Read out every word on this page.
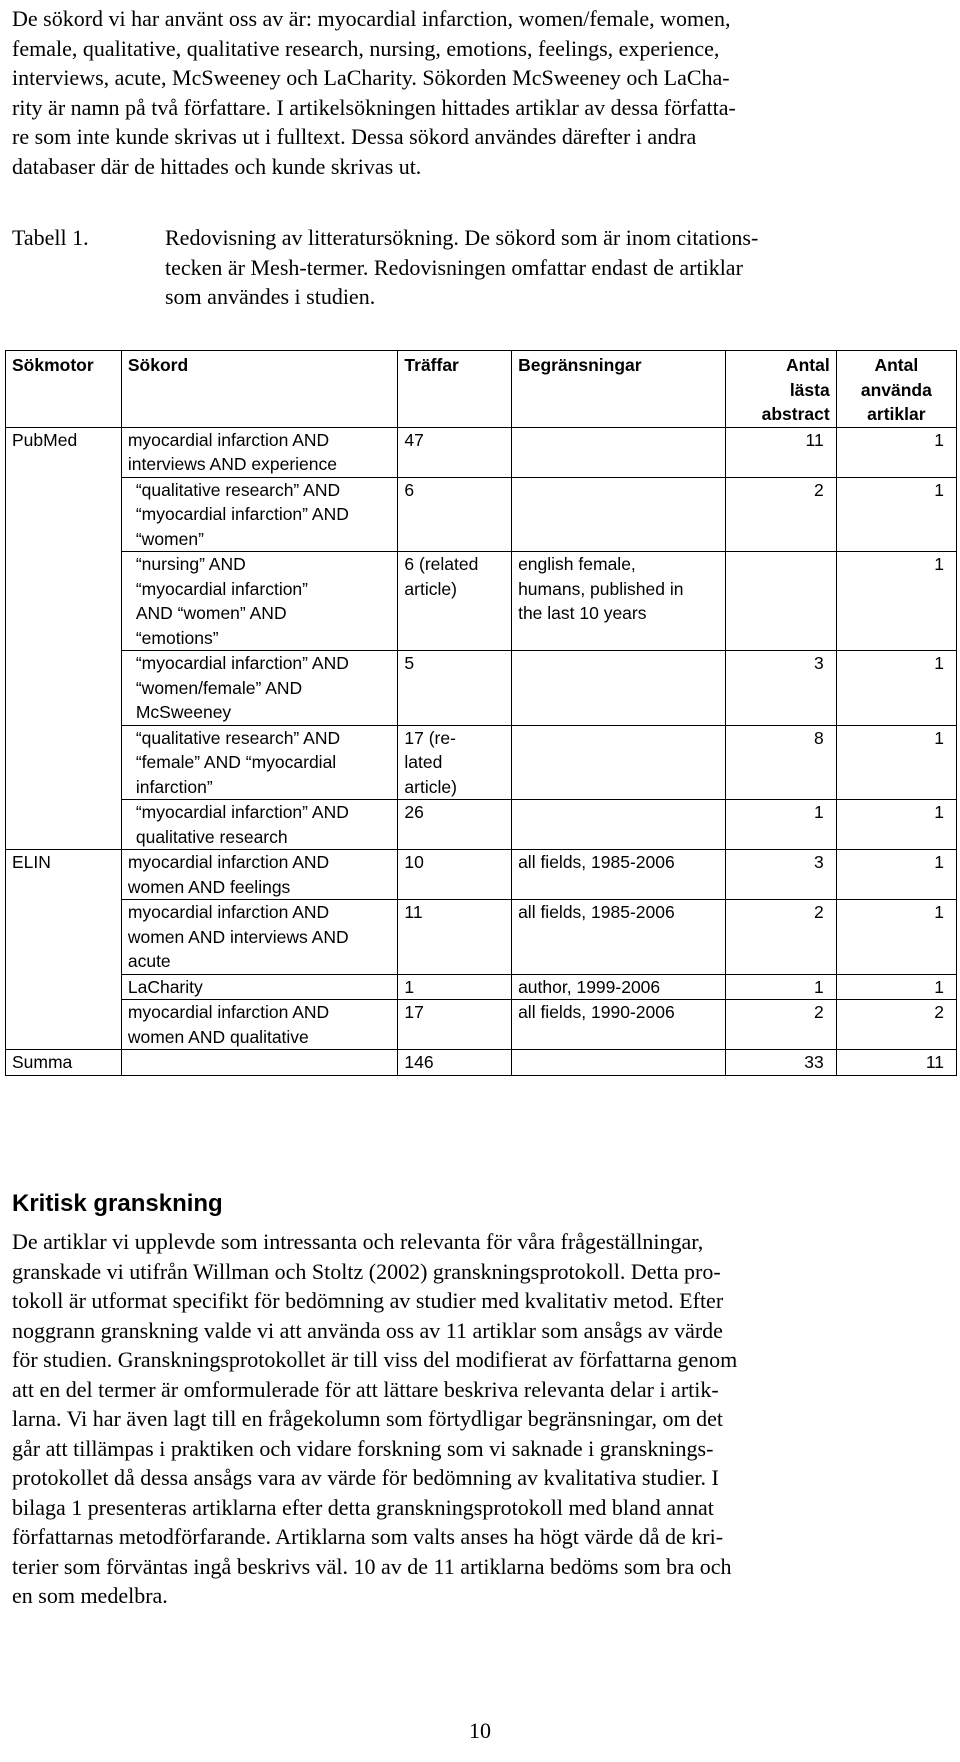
De sökord vi har använt oss av är: myocardial infarction, women/female, women,
female, qualitative, qualitative research, nursing, emotions, feelings, experience,
interviews, acute, McSweeney och LaCharity. Sökorden McSweeney och LaCha-
rity är namn på två författare. I artikelsökningen hittades artiklar av dessa författa-
re som inte kunde skrivas ut i fulltext. Dessa sökord användes därefter i andra
databaser där de hittades och kunde skrivas ut.
Tabell 1.	Redovisning av litteratursökning. De sökord som är inom citations-
tecken är Mesh-termer. Redovisningen omfattar endast de artiklar
som användes i studien.
Sökmotor	Sökord	Träffar	Begränsningar	Antal
lästa
abstract	Antal
använda
artiklar
PubMed	myocardial infarction AND
interviews AND experience	47		11	1
	“qualitative research” AND
“myocardial infarction” AND
“women”	6		2	1
	“nursing” AND
“myocardial infarction”
AND “women” AND
“emotions”	6 (related
article)	english female,
humans, published in
the last 10 years		1
	“myocardial infarction” AND
“women/female” AND
McSweeney	5		3	1
	“qualitative research” AND
“female” AND “myocardial
infarction”	17 (re-
lated
article)		8	1
	“myocardial infarction” AND
qualitative research	26		1	1
ELIN	myocardial infarction AND
women AND feelings	10	all fields, 1985-2006	3	1
	myocardial infarction AND
women AND interviews AND
acute	11	all fields, 1985-2006	2	1
	LaCharity	1	author, 1999-2006	1	1
	myocardial infarction AND
women AND qualitative	17	all fields, 1990-2006	2	2
Summa		146		33	11
Kritisk granskning
De artiklar vi upplevde som intressanta och relevanta för våra frågeställningar,
granskade vi utifrån Willman och Stoltz (2002) granskningsprotokoll. Detta pro-
tokoll är utformat specifikt för bedömning av studier med kvalitativ metod. Efter
noggrann granskning valde vi att använda oss av 11 artiklar som ansågs av värde
för studien. Granskningsprotokollet är till viss del modifierat av författarna genom
att en del termer är omformulerade för att lättare beskriva relevanta delar i artik-
larna. Vi har även lagt till en frågekolumn som förtydligar begränsningar, om det
går att tillämpas i praktiken och vidare forskning som vi saknade i gransknings-
protokollet då dessa ansågs vara av värde för bedömning av kvalitativa studier. I
bilaga 1 presenteras artiklarna efter detta granskningsprotokoll med bland annat
författarnas metodförfarande. Artiklarna som valts anses ha högt värde då de kri-
terier som förväntas ingå beskrivs väl. 10 av de 11 artiklarna bedöms som bra och
en som medelbra.
10
